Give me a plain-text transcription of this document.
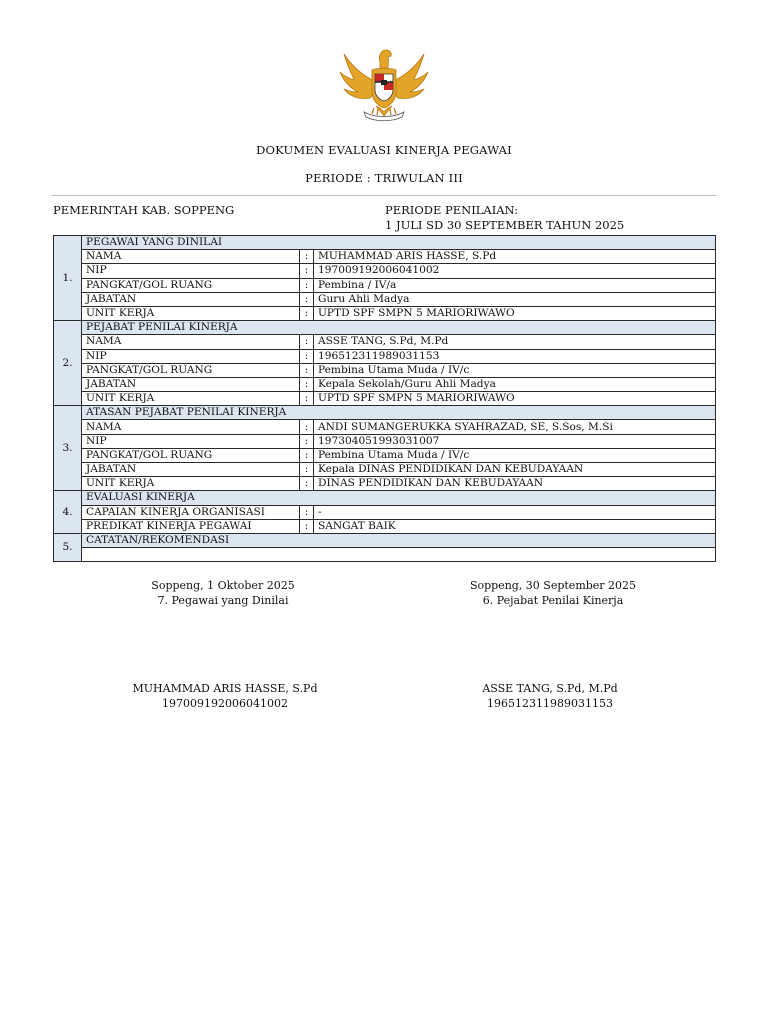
DOKUMEN EVALUASI KINERJA PEGAWAI
PERIODE : TRIWULAN III
PEMERINTAH KAB. SOPPENG	PERIODE PENILAIAN:
1 JULI SD 30 SEPTEMBER TAHUN 2025
1.	PEGAWAI YANG DINILAI		
	NAMA	:	MUHAMMAD ARIS HASSE, S.Pd
	NIP	:	197009192006041002
	PANGKAT/GOL RUANG	:	Pembina / IV/a
	JABATAN	:	Guru Ahli Madya
	UNIT KERJA	:	UPTD SPF SMPN 5 MARIORIWAWO
2.	PEJABAT PENILAI KINERJA		
	NAMA	:	ASSE TANG, S.Pd, M.Pd
	NIP	:	196512311989031153
	PANGKAT/GOL RUANG	:	Pembina Utama Muda / IV/c
	JABATAN	:	Kepala Sekolah/Guru Ahli Madya
	UNIT KERJA	:	UPTD SPF SMPN 5 MARIORIWAWO
3.	ATASAN PEJABAT PENILAI KINERJA		
	NAMA	:	ANDI SUMANGERUKKA SYAHRAZAD, SE, S.Sos, M.Si
	NIP	:	197304051993031007
	PANGKAT/GOL RUANG	:	Pembina Utama Muda / IV/c
	JABATAN	:	Kepala DINAS PENDIDIKAN DAN KEBUDAYAAN
	UNIT KERJA	:	DINAS PENDIDIKAN DAN KEBUDAYAAN
4.	EVALUASI KINERJA		
	CAPAIAN KINERJA ORGANISASI	:	-
	PREDIKAT KINERJA PEGAWAI	:	SANGAT BAIK
5.	CATATAN/REKOMENDASI		

Soppeng, 1 Oktober 2025
7. Pegawai yang Dinilai
Soppeng, 30 September 2025
6. Pejabat Penilai Kinerja
MUHAMMAD ARIS HASSE, S.Pd
197009192006041002
ASSE TANG, S.Pd, M.Pd
196512311989031153
